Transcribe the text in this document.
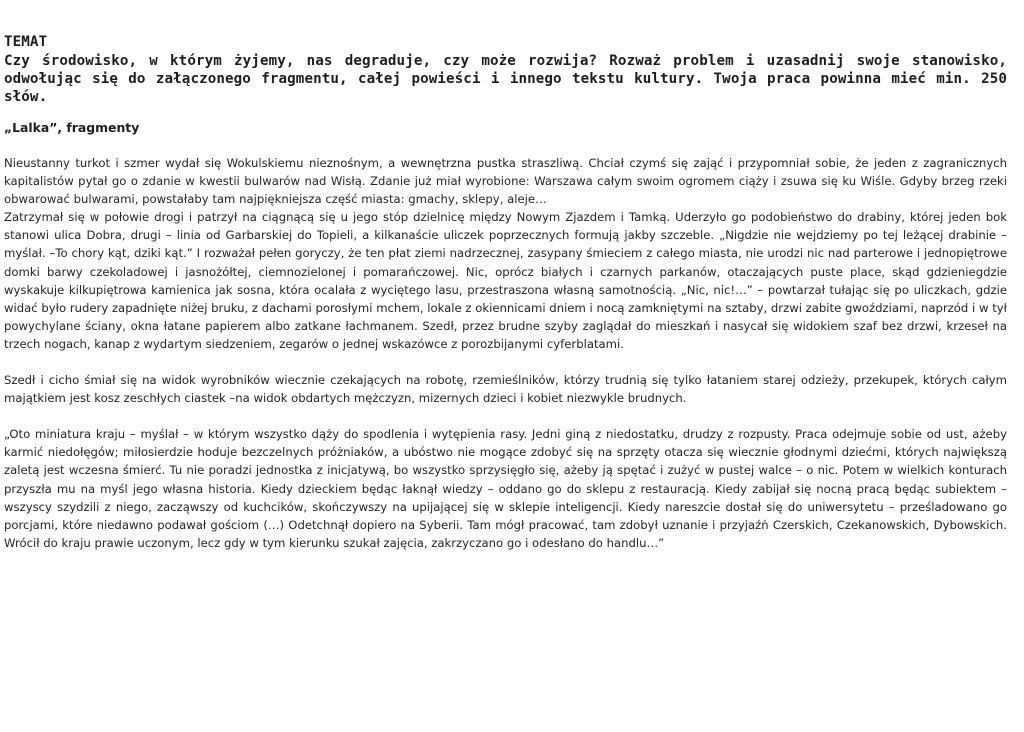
TEMAT

Czy środowisko, w którym żyjemy, nas degraduje, czy może rozwija? Rozważ problem i uzasadnij swoje stanowisko, odwołując się do załączonego fragmentu, całej powieści i innego tekstu kultury. Twoja praca powinna mieć min. 250 słów.

„Lalka”, fragmenty

Nieustanny turkot i szmer wydał się Wokulskiemu nieznośnym, a wewnętrzna pustka straszliwą. Chciał czymś się zająć i przypomniał sobie, że jeden z zagranicznych kapitalistów pytał go o zdanie w kwestii bulwarów nad Wisłą. Zdanie już miał wyrobione: Warszawa całym swoim ogromem ciąży i zsuwa się ku Wiśle. Gdyby brzeg rzeki obwarować bulwarami, powstałaby tam najpiękniejsza część miasta: gmachy, sklepy, aleje…

Zatrzymał się w połowie drogi i patrzył na ciągnącą się u jego stóp dzielnicę między Nowym Zjazdem i Tamką. Uderzyło go podobieństwo do drabiny, której jeden bok stanowi ulica Dobra, drugi – linia od Garbarskiej do Topieli, a kilkanaście uliczek poprzecznych formują jakby szczeble. „Nigdzie nie wejdziemy po tej leżącej drabinie – myślał. –To chory kąt, dziki kąt.” I rozważał pełen goryczy, że ten płat ziemi nadrzecznej, zasypany śmieciem z całego miasta, nie urodzi nic nad parterowe i jednopiętrowe domki barwy czekoladowej i jasnożółtej, ciemnozielonej i pomarańczowej. Nic, oprócz białych i czarnych parkanów, otaczających puste place, skąd gdzieniegdzie wyskakuje kilkupiętrowa kamienica jak sosna, która ocalała z wyciętego lasu, przestraszona własną samotnością. „Nic, nic!…” – powtarzał tułając się po uliczkach, gdzie widać było rudery zapadnięte niżej bruku, z dachami porosłymi mchem, lokale z okiennicami dniem i nocą zamkniętymi na sztaby, drzwi zabite gwoździami, naprzód i w tył powychylane ściany, okna łatane papierem albo zatkane łachmanem. Szedł, przez brudne szyby zaglądał do mieszkań i nasycał się widokiem szaf bez drzwi, krzeseł na trzech nogach, kanap z wydartym siedzeniem, zegarów o jednej wskazówce z porozbijanymi cyferblatami.

Szedł i cicho śmiał się na widok wyrobników wiecznie czekających na robotę, rzemieślników, którzy trudnią się tylko łataniem starej odzieży, przekupek, których całym majątkiem jest kosz zeschłych ciastek –na widok obdartych mężczyzn, mizernych dzieci i kobiet niezwykle brudnych.

„Oto miniatura kraju – myślał – w którym wszystko dąży do spodlenia i wytępienia rasy. Jedni giną z niedostatku, drudzy z rozpusty. Praca odejmuje sobie od ust, ażeby karmić niedołęgów; miłosierdzie hoduje bezczelnych próżniaków, a ubóstwo nie mogące zdobyć się na sprzęty otacza się wiecznie głodnymi dziećmi, których największą zaletą jest wczesna śmierć. Tu nie poradzi jednostka z inicjatywą, bo wszystko sprzysięgło się, ażeby ją spętać i zużyć w pustej walce – o nic. Potem w wielkich konturach przyszła mu na myśl jego własna historia. Kiedy dzieckiem będąc łaknął wiedzy – oddano go do sklepu z restauracją. Kiedy zabijał się nocną pracą będąc subiektem – wszyscy szydzili z niego, zacząwszy od kuchcików, skończywszy na upijającej się w sklepie inteligencji. Kiedy nareszcie dostał się do uniwersytetu – prześladowano go porcjami, które niedawno podawał gościom (…) Odetchnął dopiero na Syberii. Tam mógł pracować, tam zdobył uznanie i przyjaźń Czerskich, Czekanowskich, Dybowskich. Wrócił do kraju prawie uczonym, lecz gdy w tym kierunku szukał zajęcia, zakrzyczano go i odesłano do handlu…”
